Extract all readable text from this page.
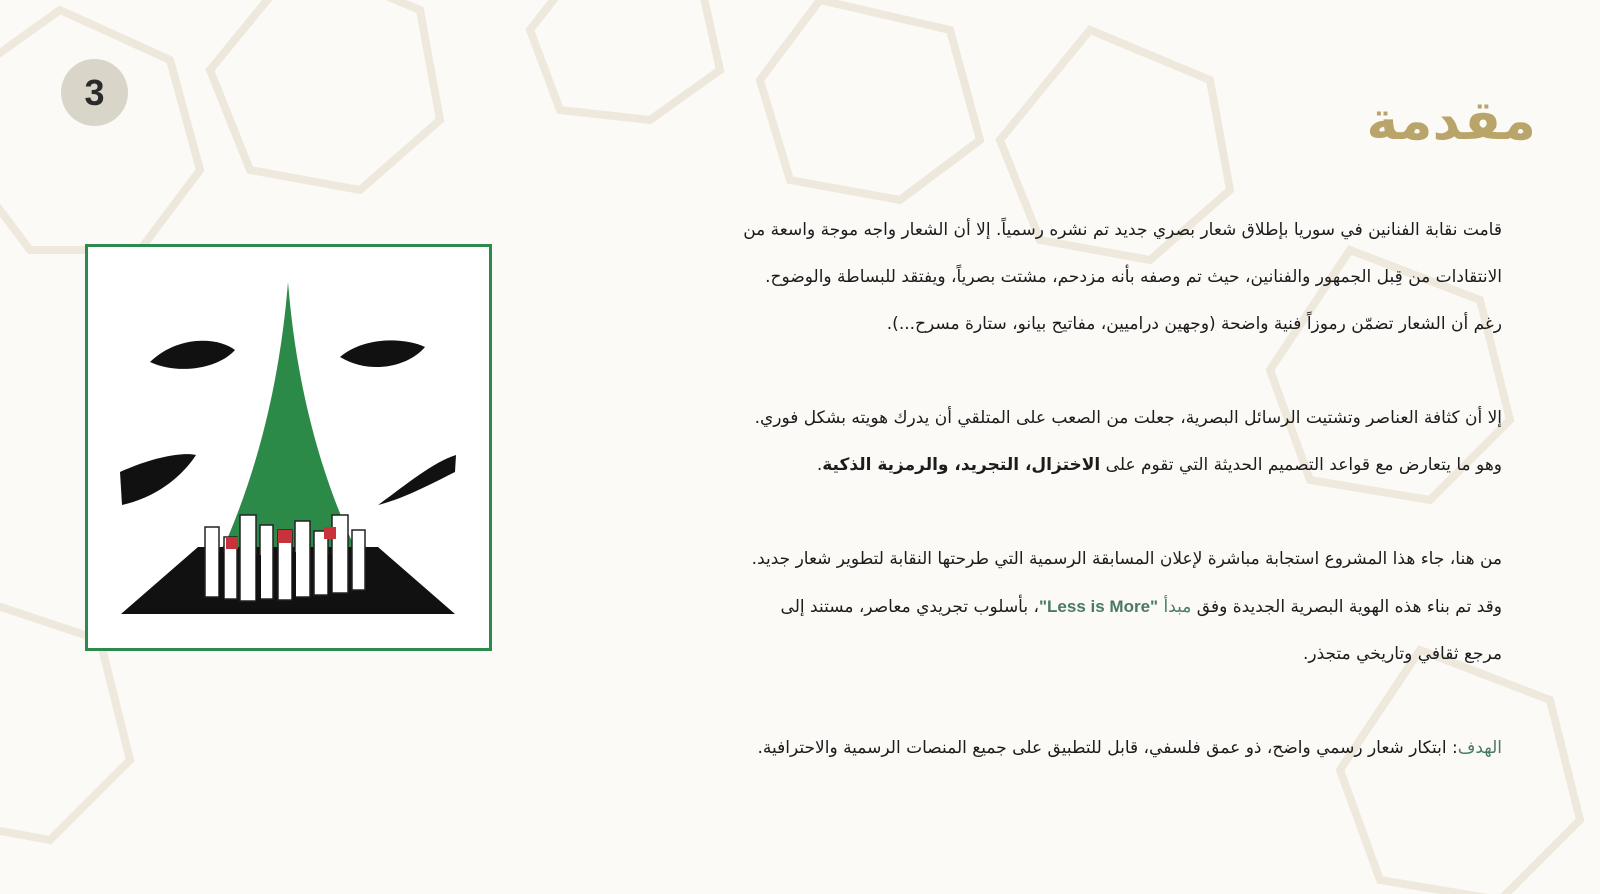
3	مقدمة

قامت نقابة الفنانين في سوريا بإطلاق شعار بصري جديد تم نشره رسمياً. إلا أن الشعار واجه موجة واسعة من
الانتقادات من قِبل الجمهور والفنانين، حيث تم وصفه بأنه مزدحم، مشتت بصرياً، ويفتقد للبساطة والوضوح.
رغم أن الشعار تضمّن رموزاً فنية واضحة (وجهين دراميين، مفاتيح بيانو، ستارة مسرح...).

إلا أن كثافة العناصر وتشتيت الرسائل البصرية، جعلت من الصعب على المتلقي أن يدرك هويته بشكل فوري.
وهو ما يتعارض مع قواعد التصميم الحديثة التي تقوم على الاختزال، التجريد، والرمزية الذكية.

من هنا، جاء هذا المشروع استجابة مباشرة لإعلان المسابقة الرسمية التي طرحتها النقابة لتطوير شعار جديد.
وقد تم بناء هذه الهوية البصرية الجديدة وفق مبدأ "Less is More"، بأسلوب تجريدي معاصر، مستند إلى
مرجع ثقافي وتاريخي متجذر.

الهدف: ابتكار شعار رسمي واضح، ذو عمق فلسفي، قابل للتطبيق على جميع المنصات الرسمية والاحترافية.
